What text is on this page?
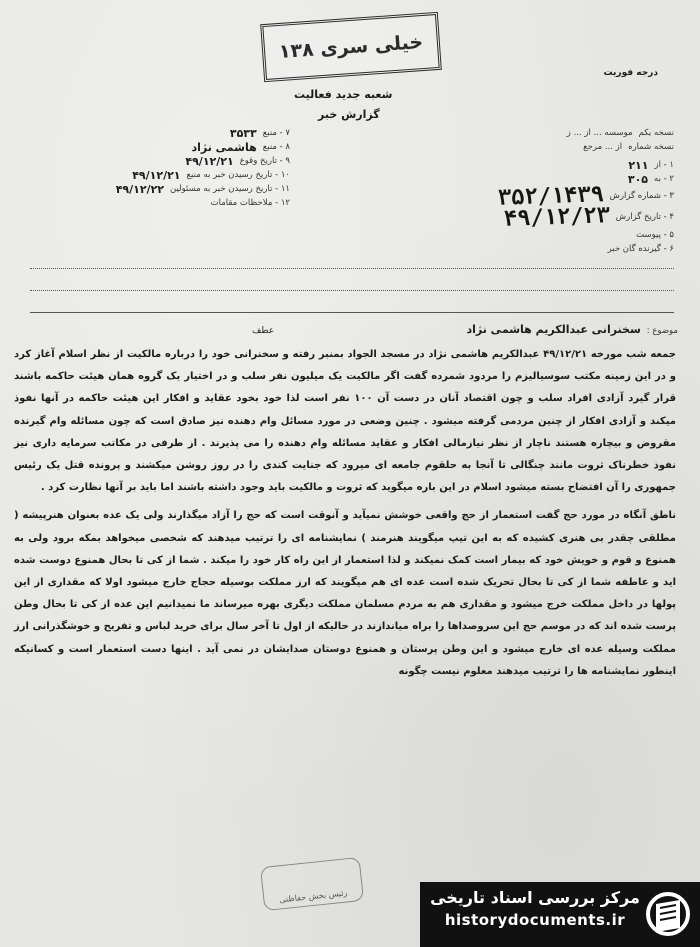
خیلی سری ۱۳۸
درجه فوریت
شعبه جدید فعالیت
گزارش خبر
نسخه یکم
موسسه ... از ... ز
نسخه شماره
از ... مرجع
۱ - از
۲۱۱
۲ - به
۳۰۵
۳ - شماره گزارش
۳۵۲/۱۴۳۹
۴ - تاریخ گزارش
۴۹/۱۲/۲۳
۵ - پیوست
۶ - گیرنده گان خبر
۷ - منبع
۳۵۳۳
۸ - منبع
هاشمی نژاد
۹ - تاریخ وقوع
۴۹/۱۲/۲۱
۱۰ - تاریخ رسیدن خبر به منبع
۴۹/۱۲/۲۱
۱۱ - تاریخ رسیدن خبر به مسئولین
۴۹/۱۲/۲۲
۱۲ - ملاحظات مقامات
موضوع :
سخنرانی عبدالکریم هاشمی نژاد
عطف

جمعه شب مورخه ۴۹/۱۲/۲۱ عبدالکریم هاشمی نژاد در مسجد الجواد بمنبر رفته و سخنرانی خود را درباره مالکیت از نظر اسلام آغاز کرد و در این زمینه مکتب سوسیالیزم را مردود شمرده گفت اگر مالکیت یک میلیون نفر سلب و در اختیار یک گروه همان هیئت حاکمه باشند قرار گیرد آزادی افراد سلب و چون اقتصاد آنان در دست آن ۱۰۰ نفر است لذا خود بخود عقاید و افکار این هیئت حاکمه در آنها نفوذ میکند و آزادی افکار از چنین مردمی گرفته میشود . چنین وضعی در مورد مسائل وام دهنده نیز صادق است که چون مسائله وام گیرنده مقروض و بیچاره هستند ناچار از نظر نیازمالی افکار و عقاید مسائله وام دهنده را می پذیرند . از طرفی در مکاتب سرمایه داری نیز نفوذ خطرناک ثروت مانند چنگالی تا آنجا به حلقوم جامعه ای میرود که جنایت کندی را در روز روشن میکشند و پرونده قتل یک رئیس جمهوری را آن افتضاح بسته میشود اسلام در این باره میگوید که ثروت و مالکیت باید وجود داشته باشند اما باید بر آنها نظارت کرد .

ناطق آنگاه در مورد حج گفت استعمار از حج واقعی خوشش نمیآید و آنوقت است که حج را آزاد میگذارند ولی یک عده بعنوان هنرپیشه ( مطلقی چقدر بی هنری کشیده که به این تیپ میگویند هنرمند ) نمایشنامه ای را ترتیب میدهند که شخصی میخواهد بمکه برود ولی به همنوع و قوم و خویش خود که بیمار است کمک نمیکند و لذا استعمار از این راه کار خود را میکند . شما از کی تا بحال همنوع دوست شده اید و عاطفه شما از کی تا بحال تحریک شده است عده ای هم میگویند که ارز مملکت بوسیله حجاج خارج میشود اولا که مقداری از این پولها در داخل مملکت خرج میشود و مقداری هم به مردم مسلمان مملکت دیگری بهره میرساند ما نمیدانیم این عده از کی تا بحال وطن پرست شده اند که در موسم حج این سروصداها را براه میاندازند در حالیکه از اول تا آخر سال برای خرید لباس و تفریح و خوشگذرانی ارز مملکت وسیله عده ای خارج میشود و این وطن پرستان و همنوع دوستان صدایشان در نمی آید . اینها دست استعمار است و کسانیکه اینطور نمایشنامه ها را ترتیب میدهند معلوم نیست چگونه

رئیس بخش حفاظتی	مرکز بررسی اسناد تاریخی
historydocuments.ir
